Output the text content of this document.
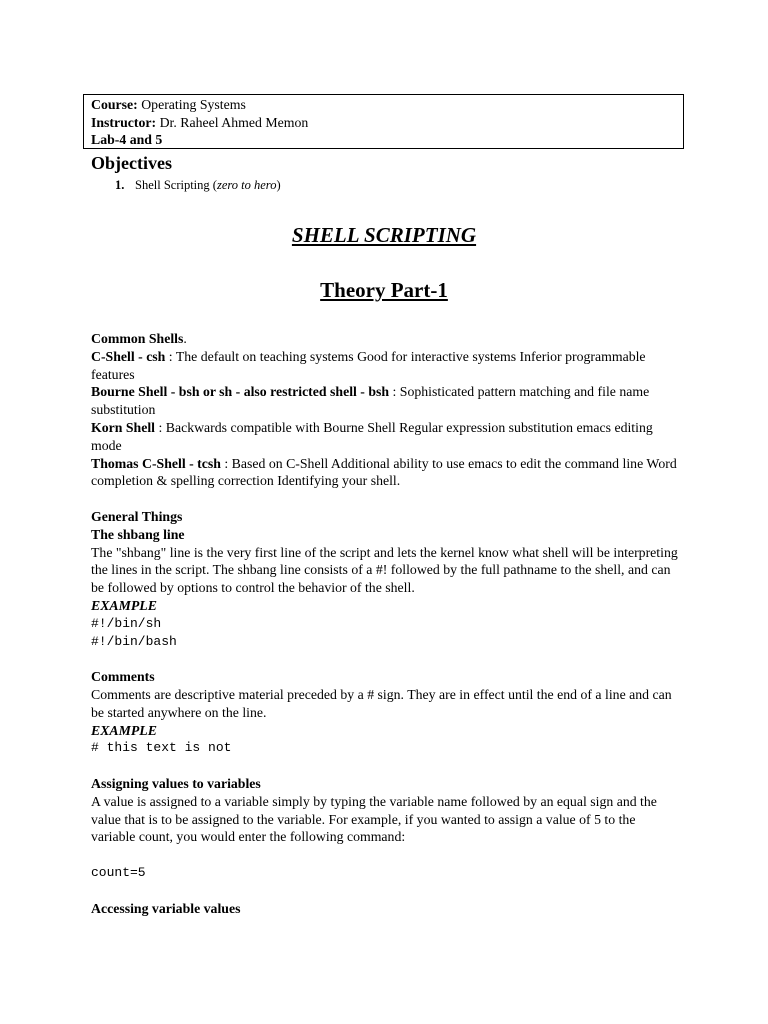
Course: Operating Systems
Instructor: Dr. Raheel Ahmed Memon
Lab-4 and 5
Objectives
1. Shell Scripting (zero to hero)
SHELL SCRIPTING
Theory Part-1

Common Shells.

C-Shell - csh : The default on teaching systems Good for interactive systems Inferior programmable features

Bourne Shell - bsh or sh - also restricted shell - bsh : Sophisticated pattern matching and file name substitution

Korn Shell : Backwards compatible with Bourne Shell Regular expression substitution emacs editing mode

Thomas C-Shell - tcsh : Based on C-Shell Additional ability to use emacs to edit the command line Word completion & spelling correction Identifying your shell.

General Things

The shbang line

The "shbang" line is the very first line of the script and lets the kernel know what shell will be interpreting the lines in the script. The shbang line consists of a #! followed by the full pathname to the shell, and can be followed by options to control the behavior of the shell.

EXAMPLE

#!/bin/sh

#!/bin/bash

Comments

Comments are descriptive material preceded by a # sign. They are in effect until the end of a line and can be started anywhere on the line.

EXAMPLE

# this text is not

Assigning values to variables

A value is assigned to a variable simply by typing the variable name followed by an equal sign and the value that is to be assigned to the variable. For example, if you wanted to assign a value of 5 to the variable count, you would enter the following command:

count=5

Accessing variable values
